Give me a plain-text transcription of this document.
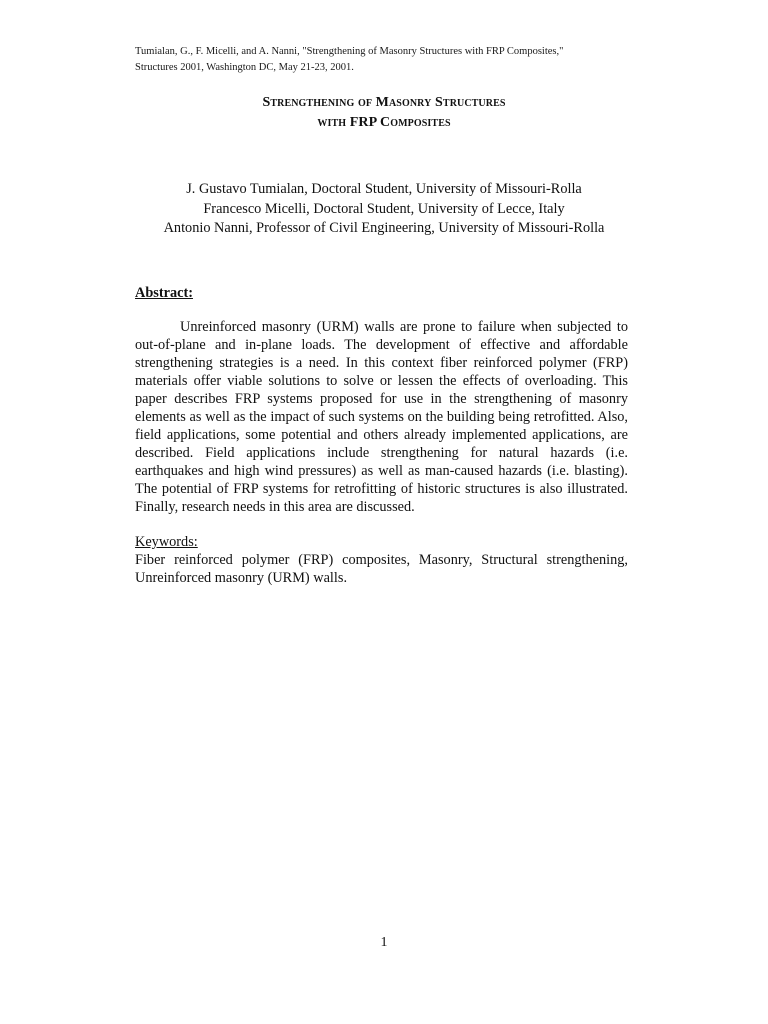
Tumialan, G., F. Micelli, and A. Nanni, "Strengthening of Masonry Structures with FRP Composites,"
Structures 2001, Washington DC, May 21-23, 2001.
Strengthening of Masonry Structures
with FRP Composites
J. Gustavo Tumialan, Doctoral Student, University of Missouri-Rolla
Francesco Micelli, Doctoral Student, University of Lecce, Italy
Antonio Nanni, Professor of Civil Engineering, University of Missouri-Rolla
Abstract:

Unreinforced masonry (URM) walls are prone to failure when subjected to out-of-plane and in-plane loads. The development of effective and affordable strengthening strategies is a need. In this context fiber reinforced polymer (FRP) materials offer viable solutions to solve or lessen the effects of overloading. This paper describes FRP systems proposed for use in the strengthening of masonry elements as well as the impact of such systems on the building being retrofitted. Also, field applications, some potential and others already implemented applications, are described. Field applications include strengthening for natural hazards (i.e. earthquakes and high wind pressures) as well as man-caused hazards (i.e. blasting). The potential of FRP systems for retrofitting of historic structures is also illustrated. Finally, research needs in this area are discussed.

Keywords:

Fiber reinforced polymer (FRP) composites, Masonry, Structural strengthening, Unreinforced masonry (URM) walls.

1
